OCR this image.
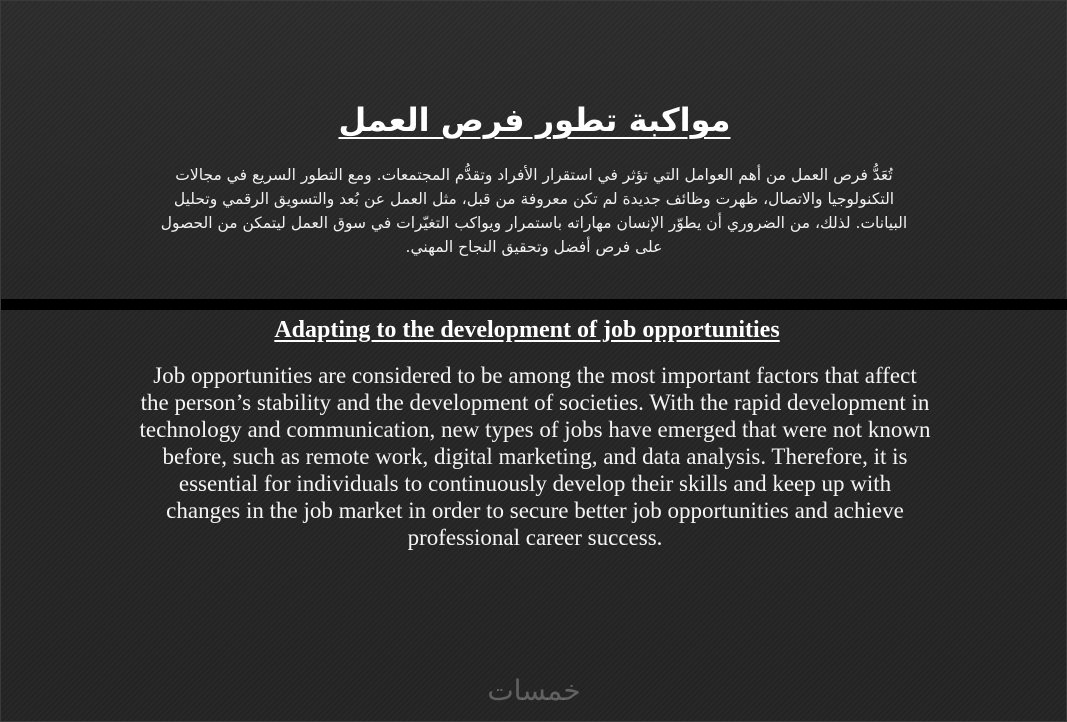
مواكبة تطور فرص العمل
تُعَدُّ فرص العمل من أهم العوامل التي تؤثر في استقرار الأفراد وتقدُّم المجتمعات. ومع التطور السريع في مجالات التكنولوجيا والاتصال، ظهرت وظائف جديدة لم تكن معروفة من قبل، مثل العمل عن بُعد والتسويق الرقمي وتحليل البيانات. لذلك، من الضروري أن يطوّر الإنسان مهاراته باستمرار ويواكب التغيّرات في سوق العمل ليتمكن من الحصول على فرص أفضل وتحقيق النجاح المهني.
Adapting to the development of job opportunities
Job opportunities are considered to be among the most important factors that affect the person’s stability and the development of societies. With the rapid development in technology and communication, new types of jobs have emerged that were not known before, such as remote work, digital marketing, and data analysis. Therefore, it is essential for individuals to continuously develop their skills and keep up with changes in the job market in order to secure better job opportunities and achieve professional career success.
خمسات
